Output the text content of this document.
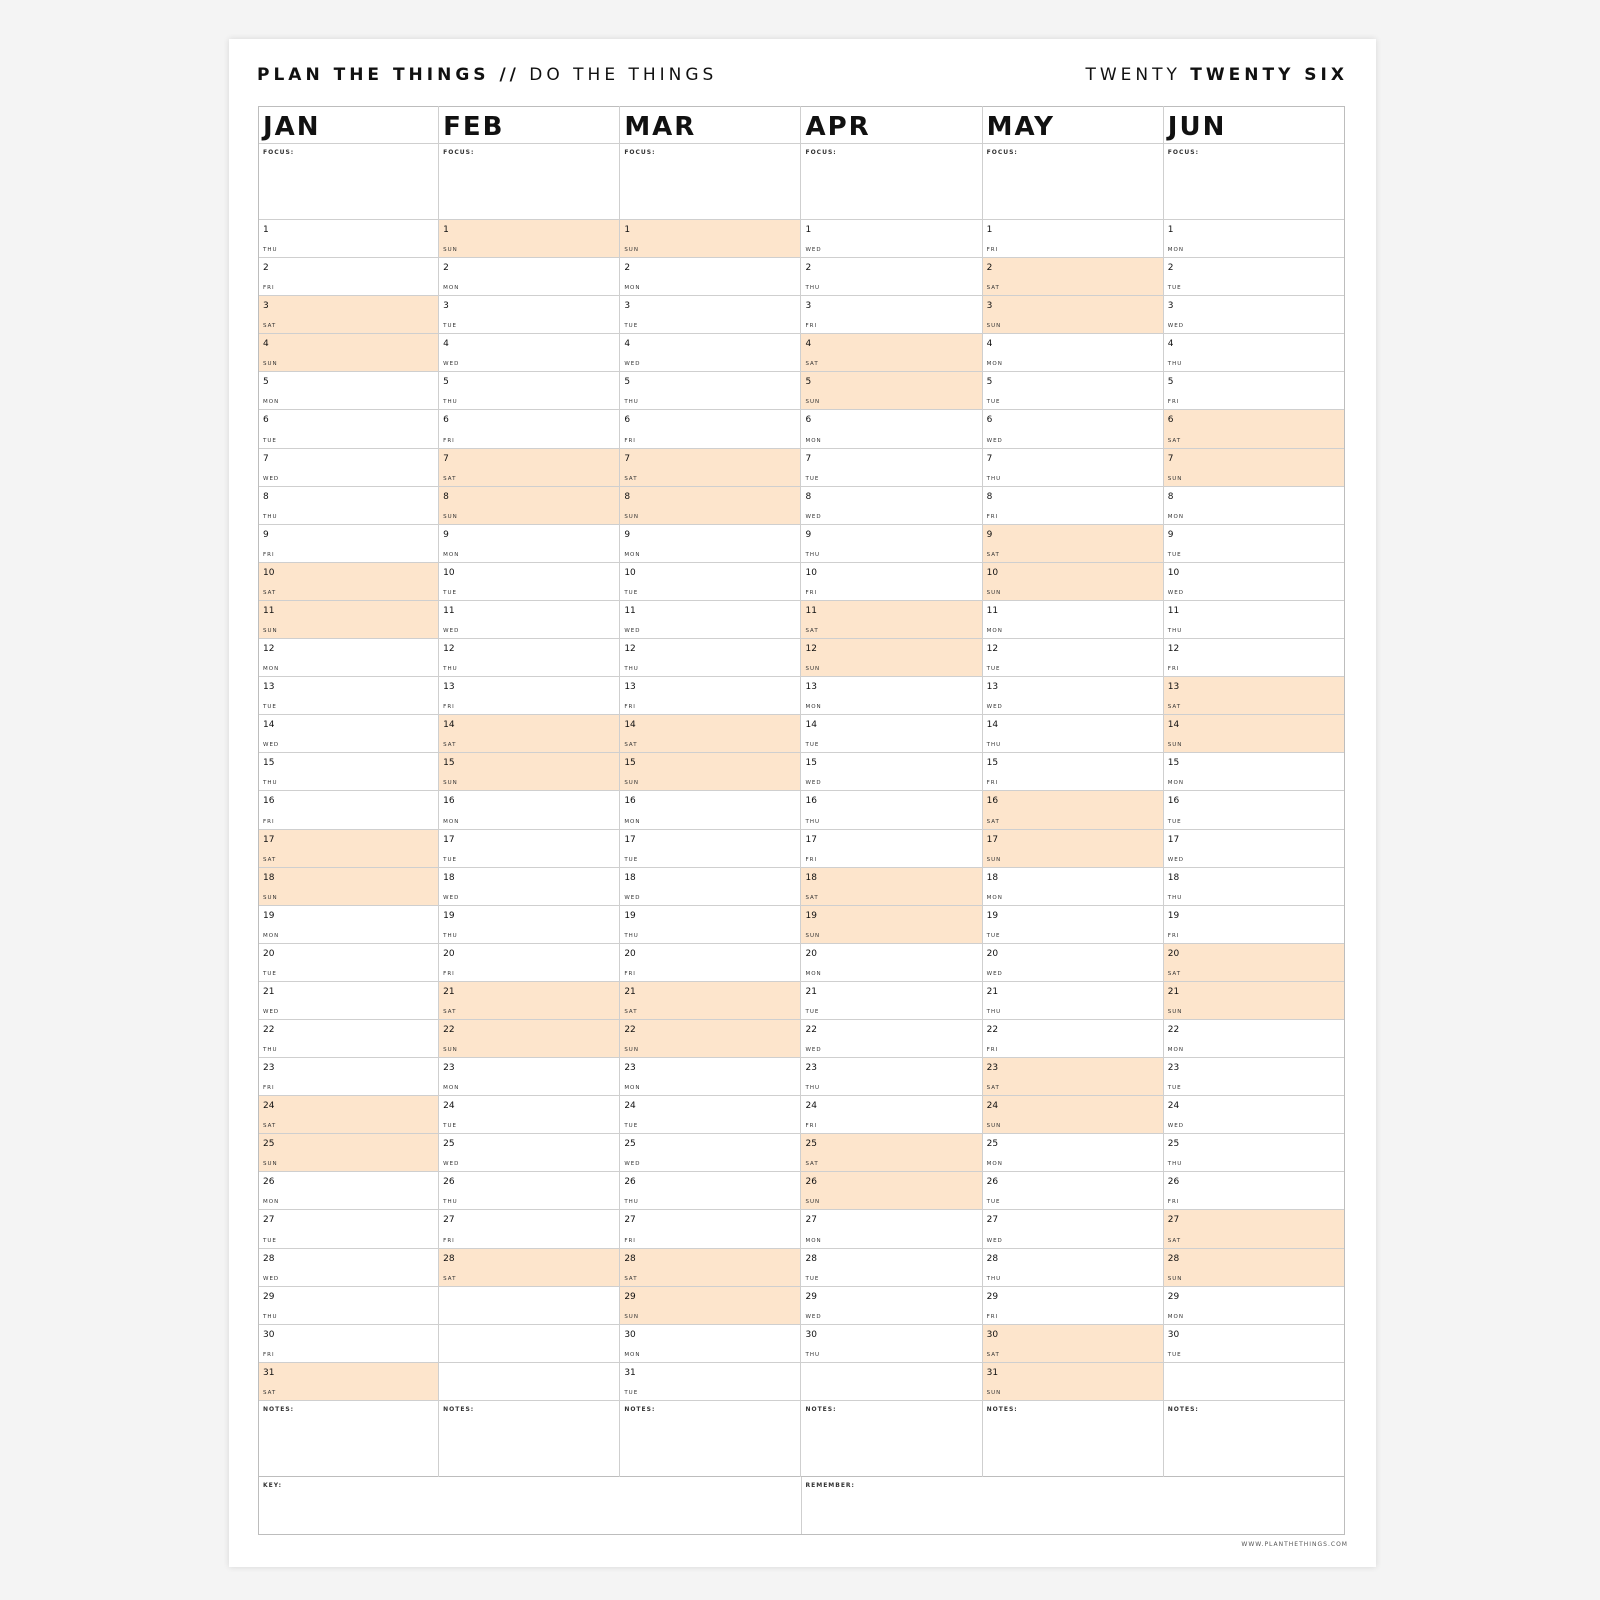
PLAN THE THINGS // DO THE THINGS	TWENTY TWENTY SIX
JAN
FOCUS:
1
THU
2
FRI
3
SAT
4
SUN
5
MON
6
TUE
7
WED
8
THU
9
FRI
10
SAT
11
SUN
12
MON
13
TUE
14
WED
15
THU
16
FRI
17
SAT
18
SUN
19
MON
20
TUE
21
WED
22
THU
23
FRI
24
SAT
25
SUN
26
MON
27
TUE
28
WED
29
THU
30
FRI
31
SAT
NOTES:
FEB
FOCUS:
1
SUN
2
MON
3
TUE
4
WED
5
THU
6
FRI
7
SAT
8
SUN
9
MON
10
TUE
11
WED
12
THU
13
FRI
14
SAT
15
SUN
16
MON
17
TUE
18
WED
19
THU
20
FRI
21
SAT
22
SUN
23
MON
24
TUE
25
WED
26
THU
27
FRI
28
SAT
NOTES:
MAR
FOCUS:
1
SUN
2
MON
3
TUE
4
WED
5
THU
6
FRI
7
SAT
8
SUN
9
MON
10
TUE
11
WED
12
THU
13
FRI
14
SAT
15
SUN
16
MON
17
TUE
18
WED
19
THU
20
FRI
21
SAT
22
SUN
23
MON
24
TUE
25
WED
26
THU
27
FRI
28
SAT
29
SUN
30
MON
31
TUE
NOTES:
APR
FOCUS:
1
WED
2
THU
3
FRI
4
SAT
5
SUN
6
MON
7
TUE
8
WED
9
THU
10
FRI
11
SAT
12
SUN
13
MON
14
TUE
15
WED
16
THU
17
FRI
18
SAT
19
SUN
20
MON
21
TUE
22
WED
23
THU
24
FRI
25
SAT
26
SUN
27
MON
28
TUE
29
WED
30
THU
NOTES:
MAY
FOCUS:
1
FRI
2
SAT
3
SUN
4
MON
5
TUE
6
WED
7
THU
8
FRI
9
SAT
10
SUN
11
MON
12
TUE
13
WED
14
THU
15
FRI
16
SAT
17
SUN
18
MON
19
TUE
20
WED
21
THU
22
FRI
23
SAT
24
SUN
25
MON
26
TUE
27
WED
28
THU
29
FRI
30
SAT
31
SUN
NOTES:
JUN
FOCUS:
1
MON
2
TUE
3
WED
4
THU
5
FRI
6
SAT
7
SUN
8
MON
9
TUE
10
WED
11
THU
12
FRI
13
SAT
14
SUN
15
MON
16
TUE
17
WED
18
THU
19
FRI
20
SAT
21
SUN
22
MON
23
TUE
24
WED
25
THU
26
FRI
27
SAT
28
SUN
29
MON
30
TUE
NOTES:
KEY:	REMEMBER:
WWW.PLANTHETHINGS.COM
